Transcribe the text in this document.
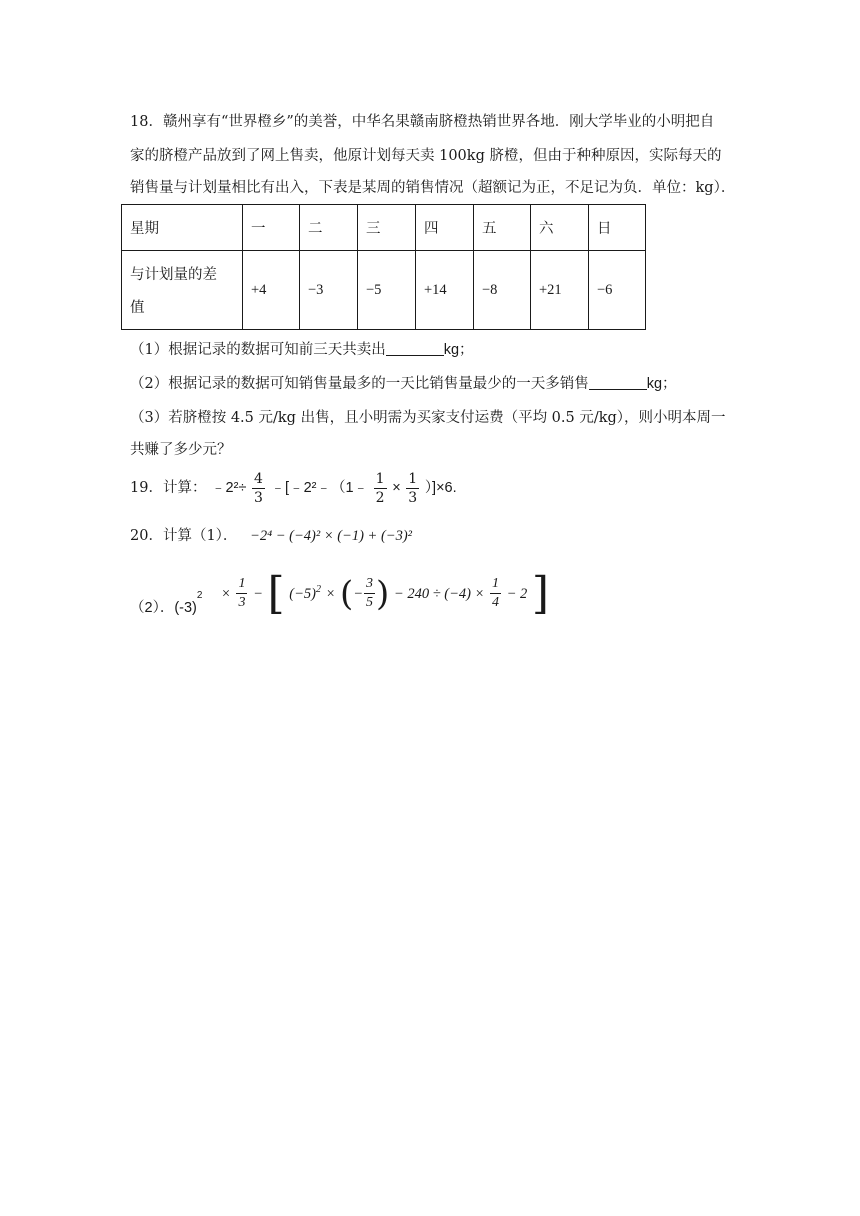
18．赣州享有“世界橙乡”的美誉，中华名果赣南脐橙热销世界各地．刚大学毕业的小明把自
家的脐橙产品放到了网上售卖，他原计划每天卖 100kg 脐橙，但由于种种原因，实际每天的
销售量与计划量相比有出入，下表是某周的销售情况（超额记为正，不足记为负．单位：kg）．
星期	一	二	三	四	五	六	日

与计划量的差
值	+4	−3	−5	+14	−8	+21	−6
（1）根据记录的数据可知前三天共卖出	kg；
（2）根据记录的数据可知销售量最多的一天比销售量最少的一天多销售	kg；
（3）若脐橙按 4.5 元/kg 出售，且小明需为买家支付运费（平均 0.5 元/kg），则小明本周一
共赚了多少元？
19．计算： ﹣2²÷ $\frac{4}{3}$ ﹣[﹣2²﹣（1﹣ $\frac{1}{2} \times \frac{1}{3} )]\times 6$.
20．计算（1）． −2⁴ − (−4)² × (−1) + (−3)²
（2）．$(-3)^2 \times \frac{1}{3}$ − [ $(-5)^2$ × (− $\frac{3}{5}$ ) − $240 \div (-4) \times \frac{1}{4} - 2$ ]
